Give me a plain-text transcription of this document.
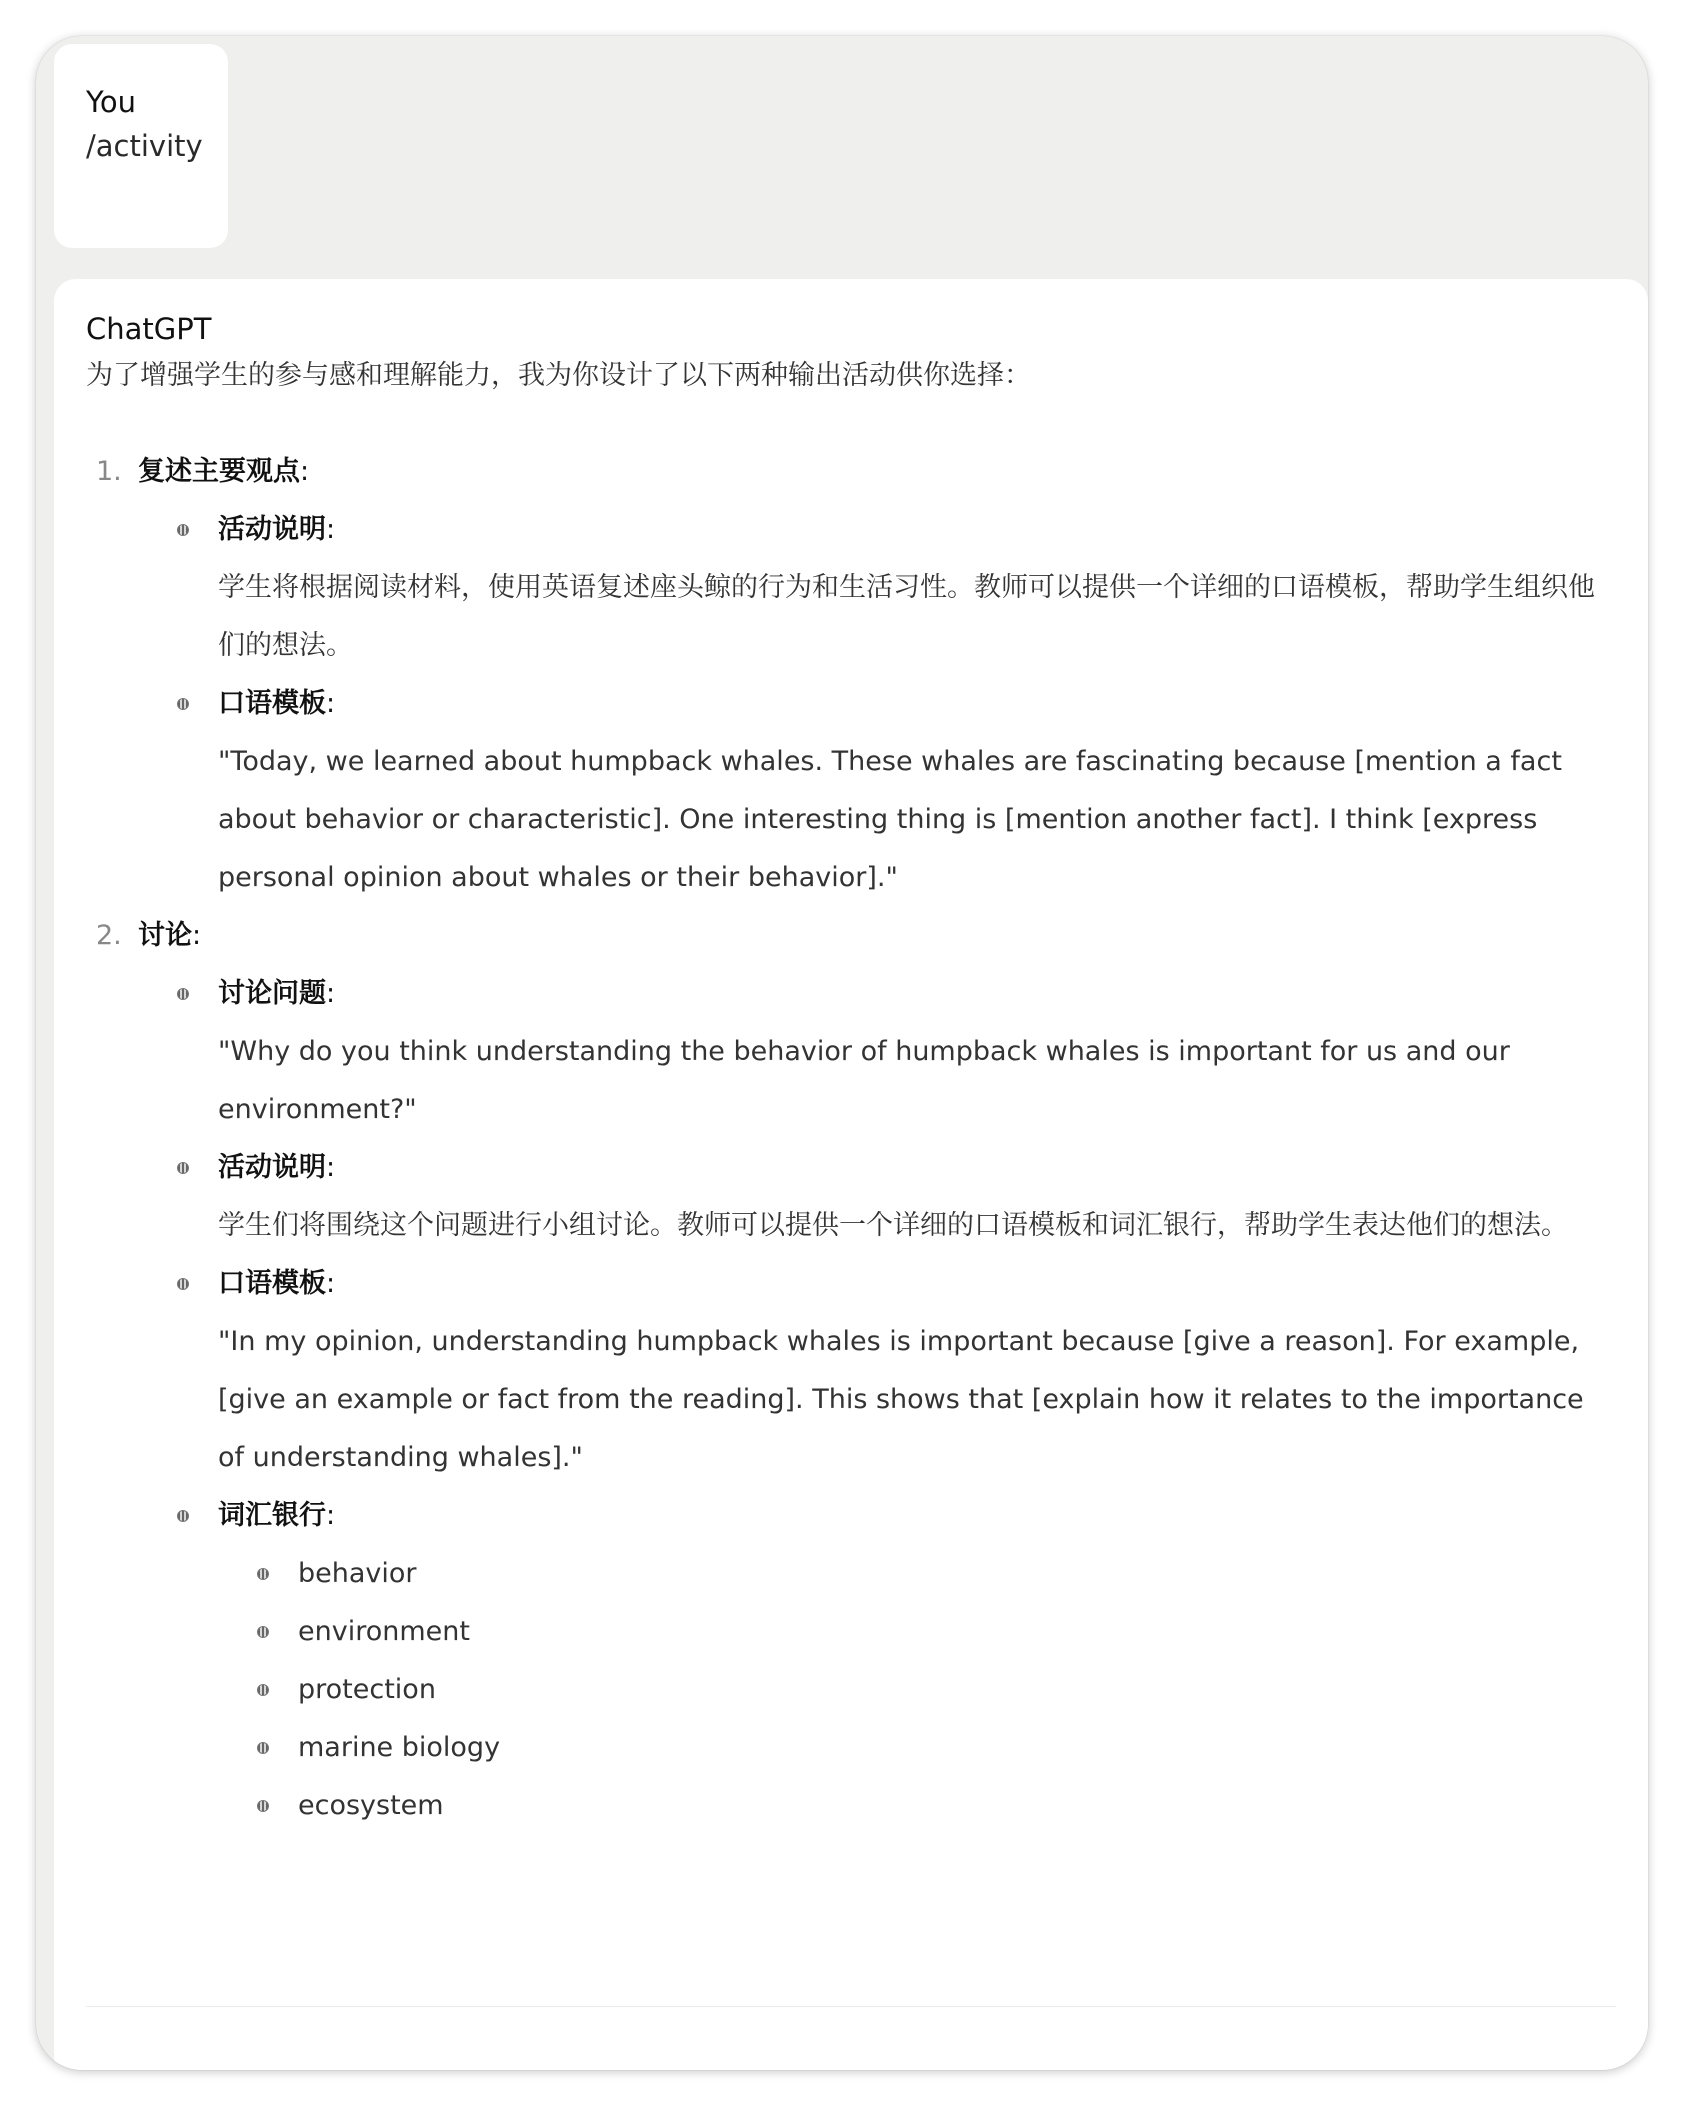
You
/activity
ChatGPT
为了增强学生的参与感和理解能力，我为你设计了以下两种输出活动供你选择：
1. 复述主要观点:
活动说明:
学生将根据阅读材料，使用英语复述座头鲸的行为和生活习性。教师可以提供一个详细的口语模板，帮助学生组织他们的想法。
口语模板:
"Today, we learned about humpback whales. These whales are fascinating because [mention a fact about behavior or characteristic]. One interesting thing is [mention another fact]. I think [express personal opinion about whales or their behavior]."
2. 讨论:
讨论问题:
"Why do you think understanding the behavior of humpback whales is important for us and our environment?"
活动说明:
学生们将围绕这个问题进行小组讨论。教师可以提供一个详细的口语模板和词汇银行，帮助学生表达他们的想法。
口语模板:
"In my opinion, understanding humpback whales is important because [give a reason]. For example, [give an example or fact from the reading]. This shows that [explain how it relates to the importance of understanding whales]."
词汇银行:
behavior
environment
protection
marine biology
ecosystem
